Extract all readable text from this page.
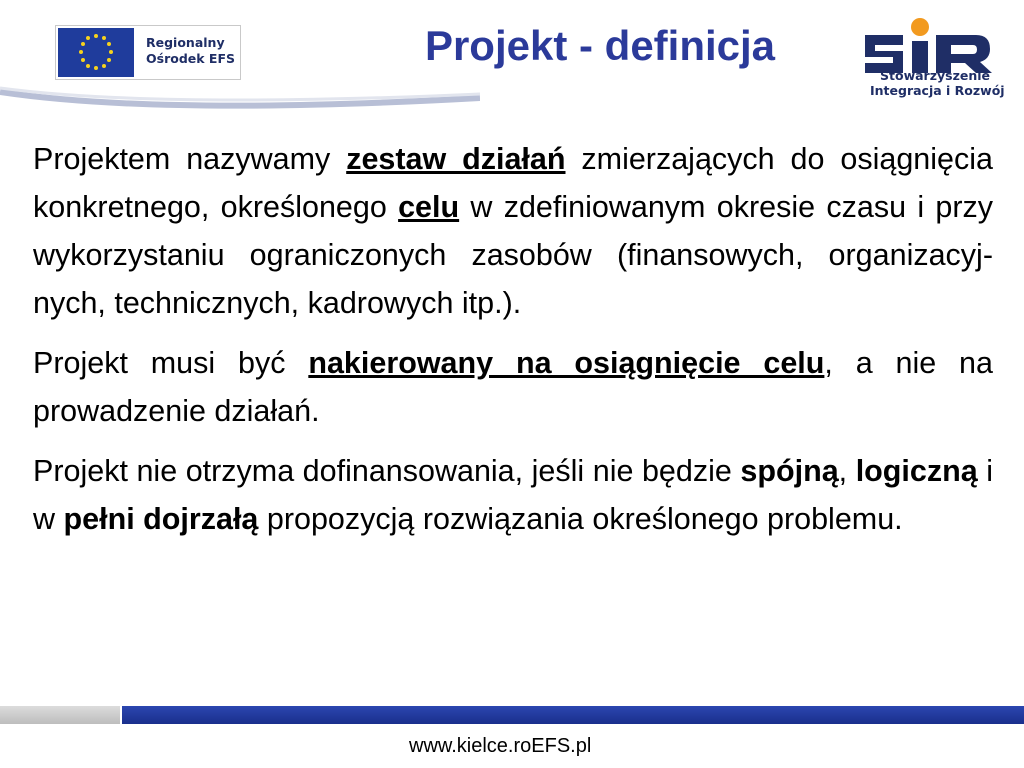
Regionalny
Ośrodek EFS	Projekt - definicja
Stowarzyszenie
Integracja i Rozwój

Projektem nazywamy zestaw działań zmierzających do osiągnięcia konkretnego, określonego celu w zdefiniowanym okresie czasu i przy wykorzystaniu ograniczonych zasobów (finansowych, organizacyj-nych, technicznych, kadrowych itp.).

Projekt musi być nakierowany na osiągnięcie celu, a nie na prowadzenie działań.

Projekt nie otrzyma dofinansowania, jeśli nie będzie spójną, logiczną i w pełni dojrzałą propozycją rozwiązania określonego problemu.

www.kielce.roEFS.pl
